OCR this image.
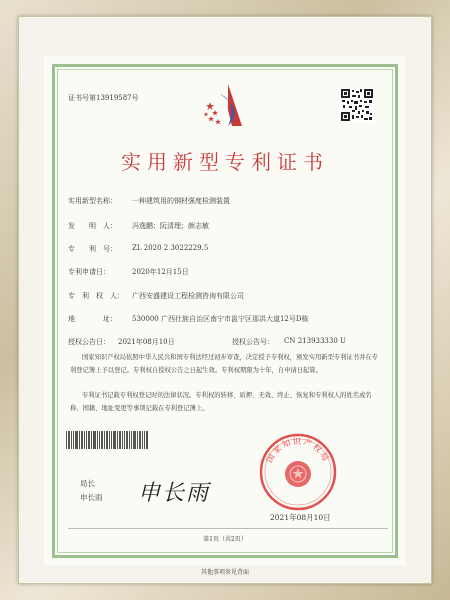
证书号第13919587号
实用新型专利证书
实用新型名称： 一种建筑用的钢材强度检测装置
发　　明　人： 冯逸鹏；阮清理；颜志敏
专　　利　号： ZL 2020 2 3022229.5
专利申请日：	2020年12月15日
专　利　权　人： 广西安盛建设工程检测咨询有限公司
地　　　　址： 530000 广西壮族自治区南宁市邕宁区那洪大道12号D栋
授权公告日： 2021年08月10日	授权公告号： CN 213933330 U
国家知识产权局依照中华人民共和国专利法经过初步审查，决定授予专利权，颁发实用新型专利证书并在专利登记簿上予以登记。专利权自授权公告之日起生效。专利权期限为十年，自申请日起算。
专利证书记载专利权登记时的法律状况。专利权的转移、质押、无效、终止、恢复和专利权人的姓名或名称、国籍、地址变更等事项记载在专利登记簿上。
局长
申长雨 申长雨
国家知识产权局
2021年08月10日
第1页（共2页）
其他事项参见背面
